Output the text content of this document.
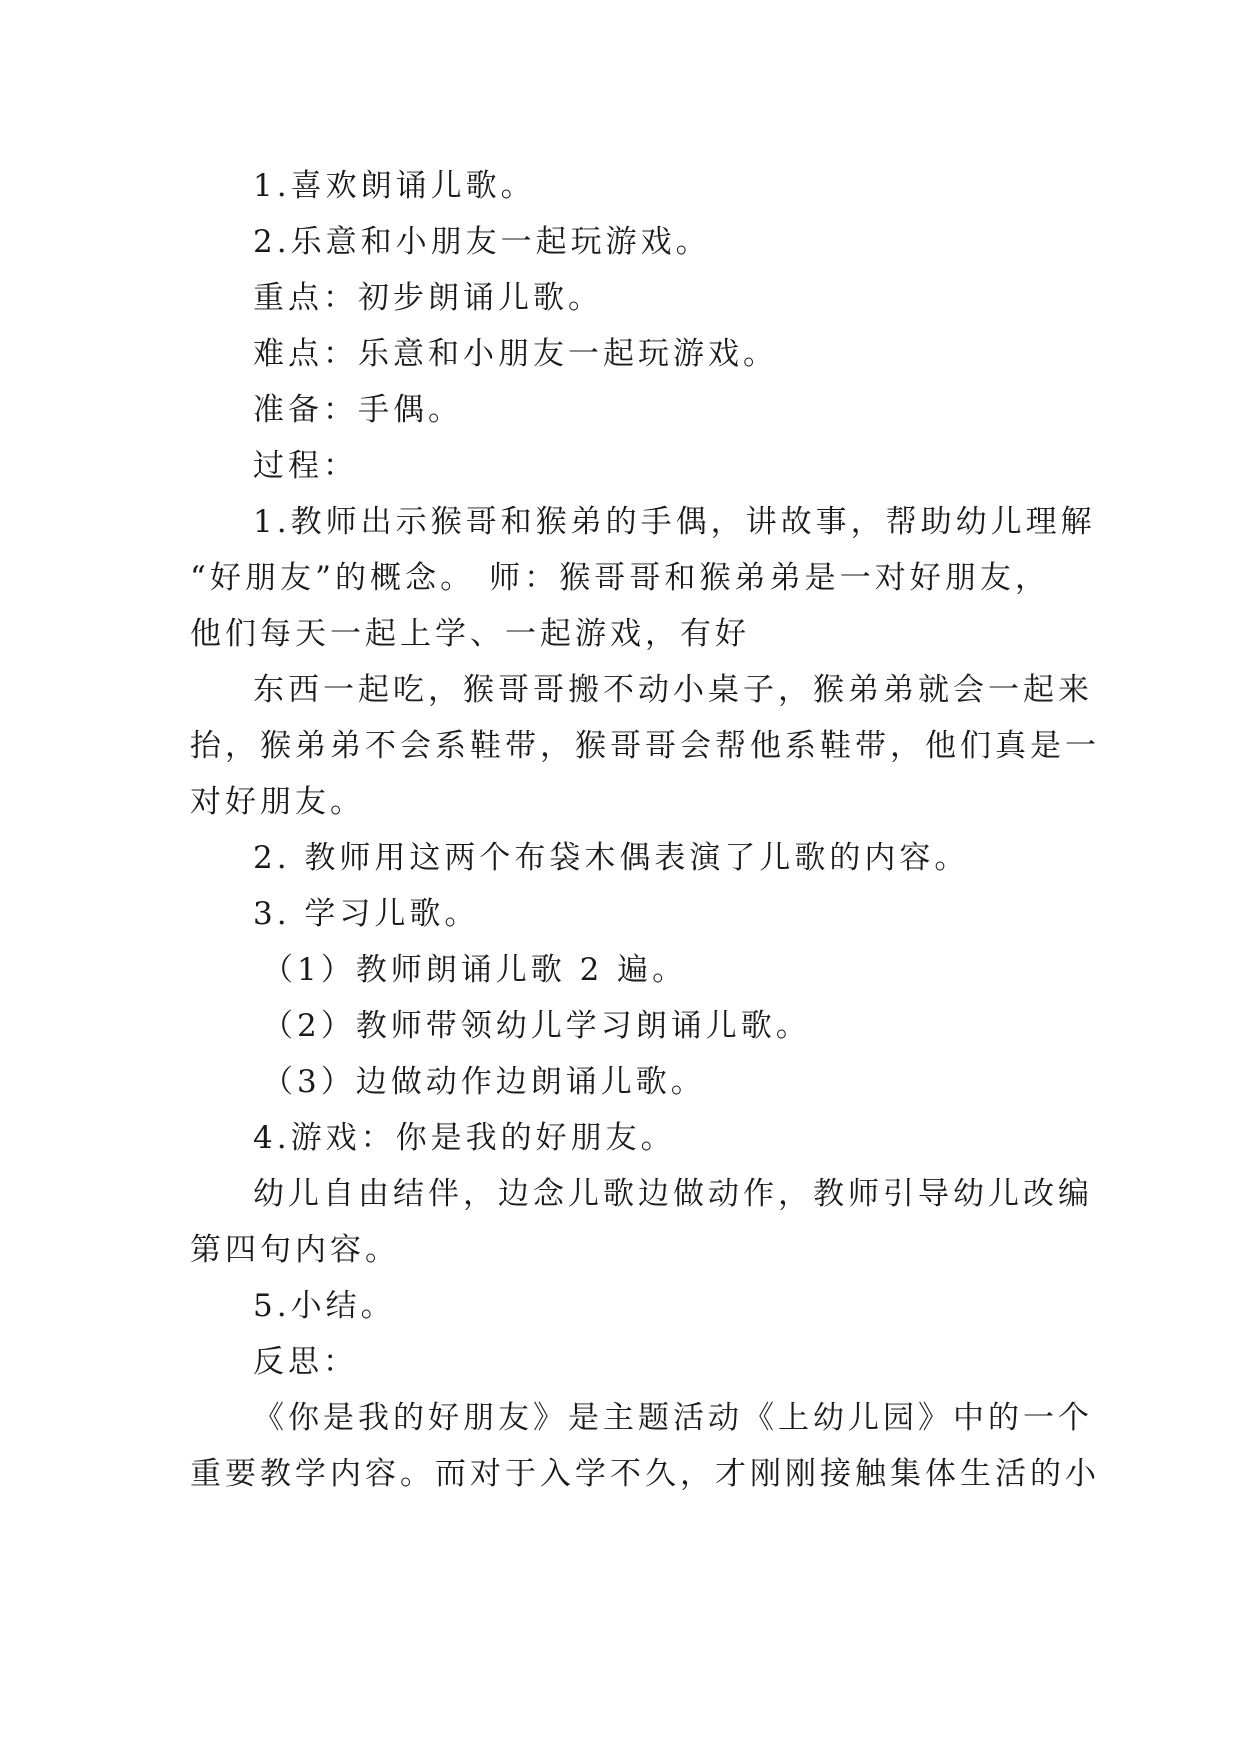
1.喜欢朗诵儿歌。
2.乐意和小朋友一起玩游戏。
重点：初步朗诵儿歌。
难点：乐意和小朋友一起玩游戏。
准备：手偶。
过程：
1.教师出示猴哥和猴弟的手偶，讲故事，帮助幼儿理解
“好朋友”的概念。 师：猴哥哥和猴弟弟是一对好朋友，
他们每天一起上学、一起游戏，有好
东西一起吃，猴哥哥搬不动小桌子，猴弟弟就会一起来
抬，猴弟弟不会系鞋带，猴哥哥会帮他系鞋带，他们真是一
对好朋友。
2. 教师用这两个布袋木偶表演了儿歌的内容。
3. 学习儿歌。
（1）教师朗诵儿歌 2 遍。
（2）教师带领幼儿学习朗诵儿歌。
（3）边做动作边朗诵儿歌。
4.游戏：你是我的好朋友。
幼儿自由结伴，边念儿歌边做动作，教师引导幼儿改编
第四句内容。
5.小结。
反思：
《你是我的好朋友》是主题活动《上幼儿园》中的一个
重要教学内容。而对于入学不久，才刚刚接触集体生活的小
